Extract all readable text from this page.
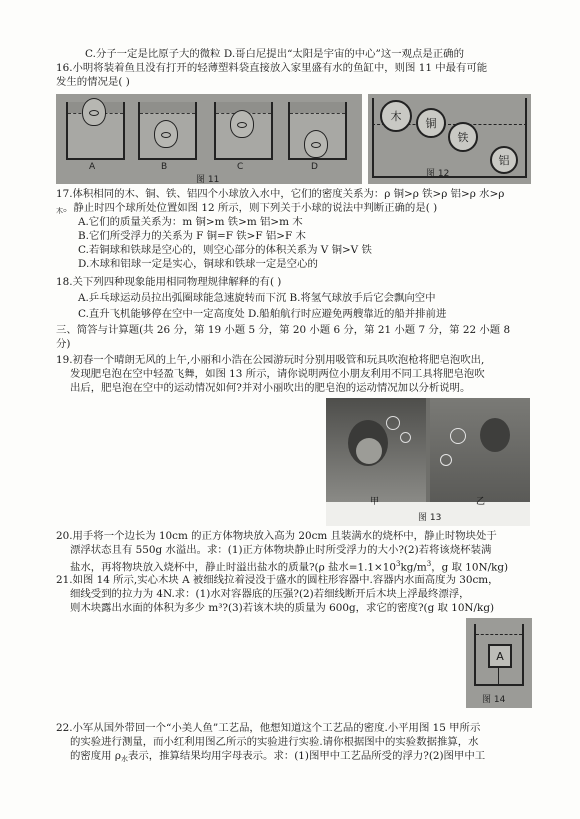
C.分子一定是比原子大的微粒 D.哥白尼提出“太阳是宇宙的中心”这一观点是正确的
16.小明将装着鱼且没有打开的轻薄塑料袋直接放入家里盛有水的鱼缸中，则图 11 中最有可能
发生的情况是( )
A	B	C	D
图 11
木
铜
铁
铝
图 12
17.体积相同的木、铜、铁、铝四个小球放入水中，它们的密度关系为：ρ 铜>ρ 铁>ρ 铝>ρ 水>ρ
$_木$。静止时四个球所处位置如图 12 所示，则下列关于小球的说法中判断正确的是( )
A.它们的质量关系为：m 铜>m 铁>m 铝>m 木
B.它们所受浮力的关系为 F 铜=F 铁>F 铝>F 木
C.若铜球和铁球是空心的，则空心部分的体积关系为 V 铜>V 铁
D.木球和铝球一定是实心，铜球和铁球一定是空心的
18.关下列四种现象能用相同物理规律解释的有( )
A.乒乓球运动员拉出弧圈球能急速旋转而下沉 B.将氢气球放手后它会飘向空中
C.直升飞机能够停在空中一定高度处 D.船舶航行时应避免两艘靠近的船并排前进
三、简答与计算题(共 26 分，第 19 小题 5 分，第 20 小题 6 分，第 21 小题 7 分，第 22 小题 8
分)
19.初春一个晴朗无风的上午,小丽和小浩在公园游玩时分别用吸管和玩具吹泡枪将肥皂泡吹出,
发现肥皂泡在空中轻盈飞舞，如图 13 所示，请你说明两位小朋友利用不同工具将肥皂泡吹
出后，肥皂泡在空中的运动情况如何?并对小丽吹出的肥皂泡的运动情况加以分析说明。
甲	乙
图 13
20.用手将一个边长为 10cm 的正方体物块放入高为 20cm 且装满水的烧杯中，静止时物块处于
漂浮状态且有 550g 水溢出。求：(1)正方体物块静止时所受浮力的大小?(2)若将该烧杯装满
盐水，再将物块放入烧杯中，静止时溢出盐水的质量?(ρ 盐水$=1.1\times 10^3kg/m^3$，g 取 10N/kg)
21.如图 14 所示,实心木块 A 被细线拉着浸没于盛水的圆柱形容器中.容器内水面高度为 30cm，
细线受到的拉力为 4N.求：(1)水对容器底的压强?(2)若细线断开后木块上浮最终漂浮，
则木块露出水面的体积为多少 m³?(3)若该木块的质量为 600g，求它的密度?(g 取 10N/kg)
A
图 14
22.小军从国外带回一个“小美人鱼”工艺品，他想知道这个工艺品的密度.小平用图 15 甲所示
的实验进行测量，而小红利用图乙所示的实验进行实验.请你根据图中的实验数据推算，水
的密度用 $\rho_水$表示，推算结果均用字母表示。求：(1)图甲中工艺品所受的浮力?(2)图甲中工
